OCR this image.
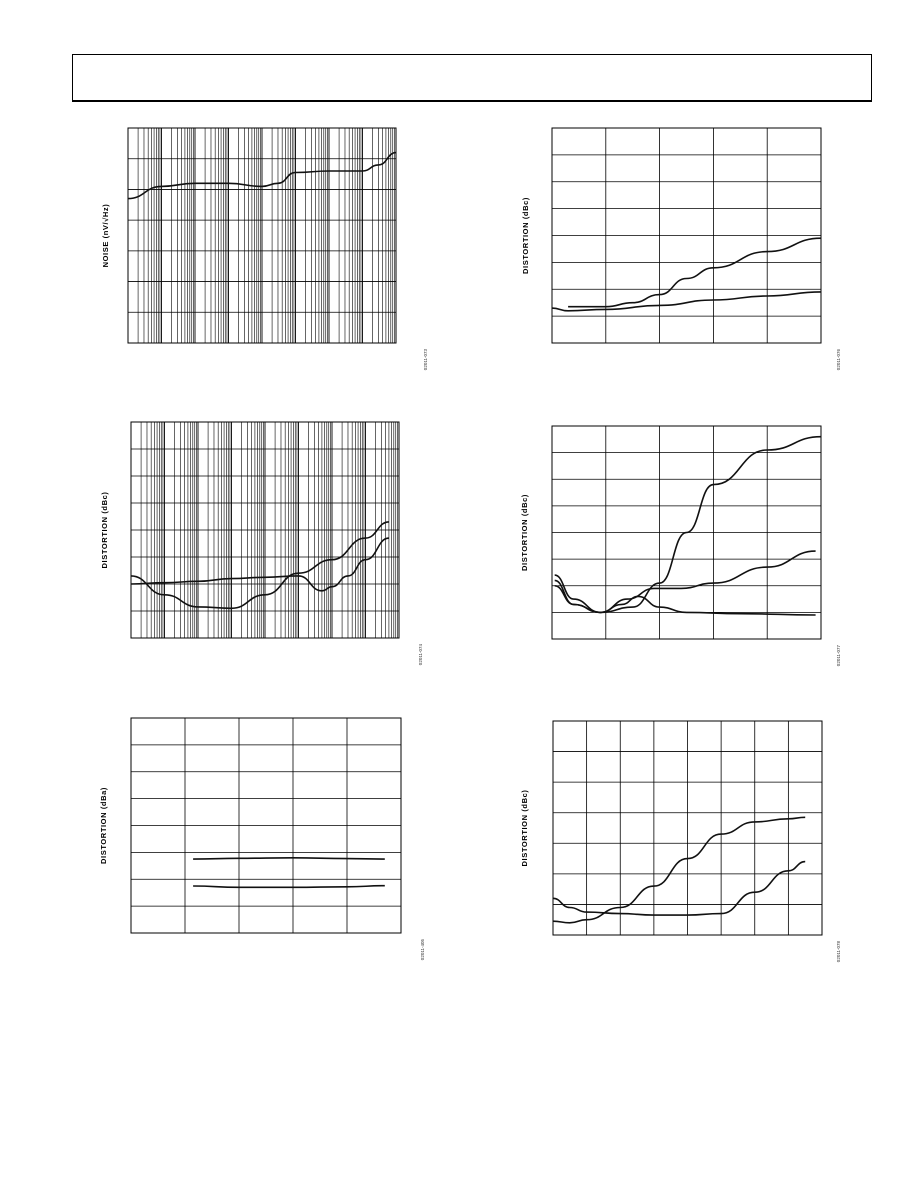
NOISE (nV/√Hz)
02011-073
DISTORTION (dBc)
02011-076
DISTORTION (dBc)
02011-074
DISTORTION (dBc)
02011-077
DISTORTION (dBa)
02011-405
DISTORTION (dBc)
02011-078
